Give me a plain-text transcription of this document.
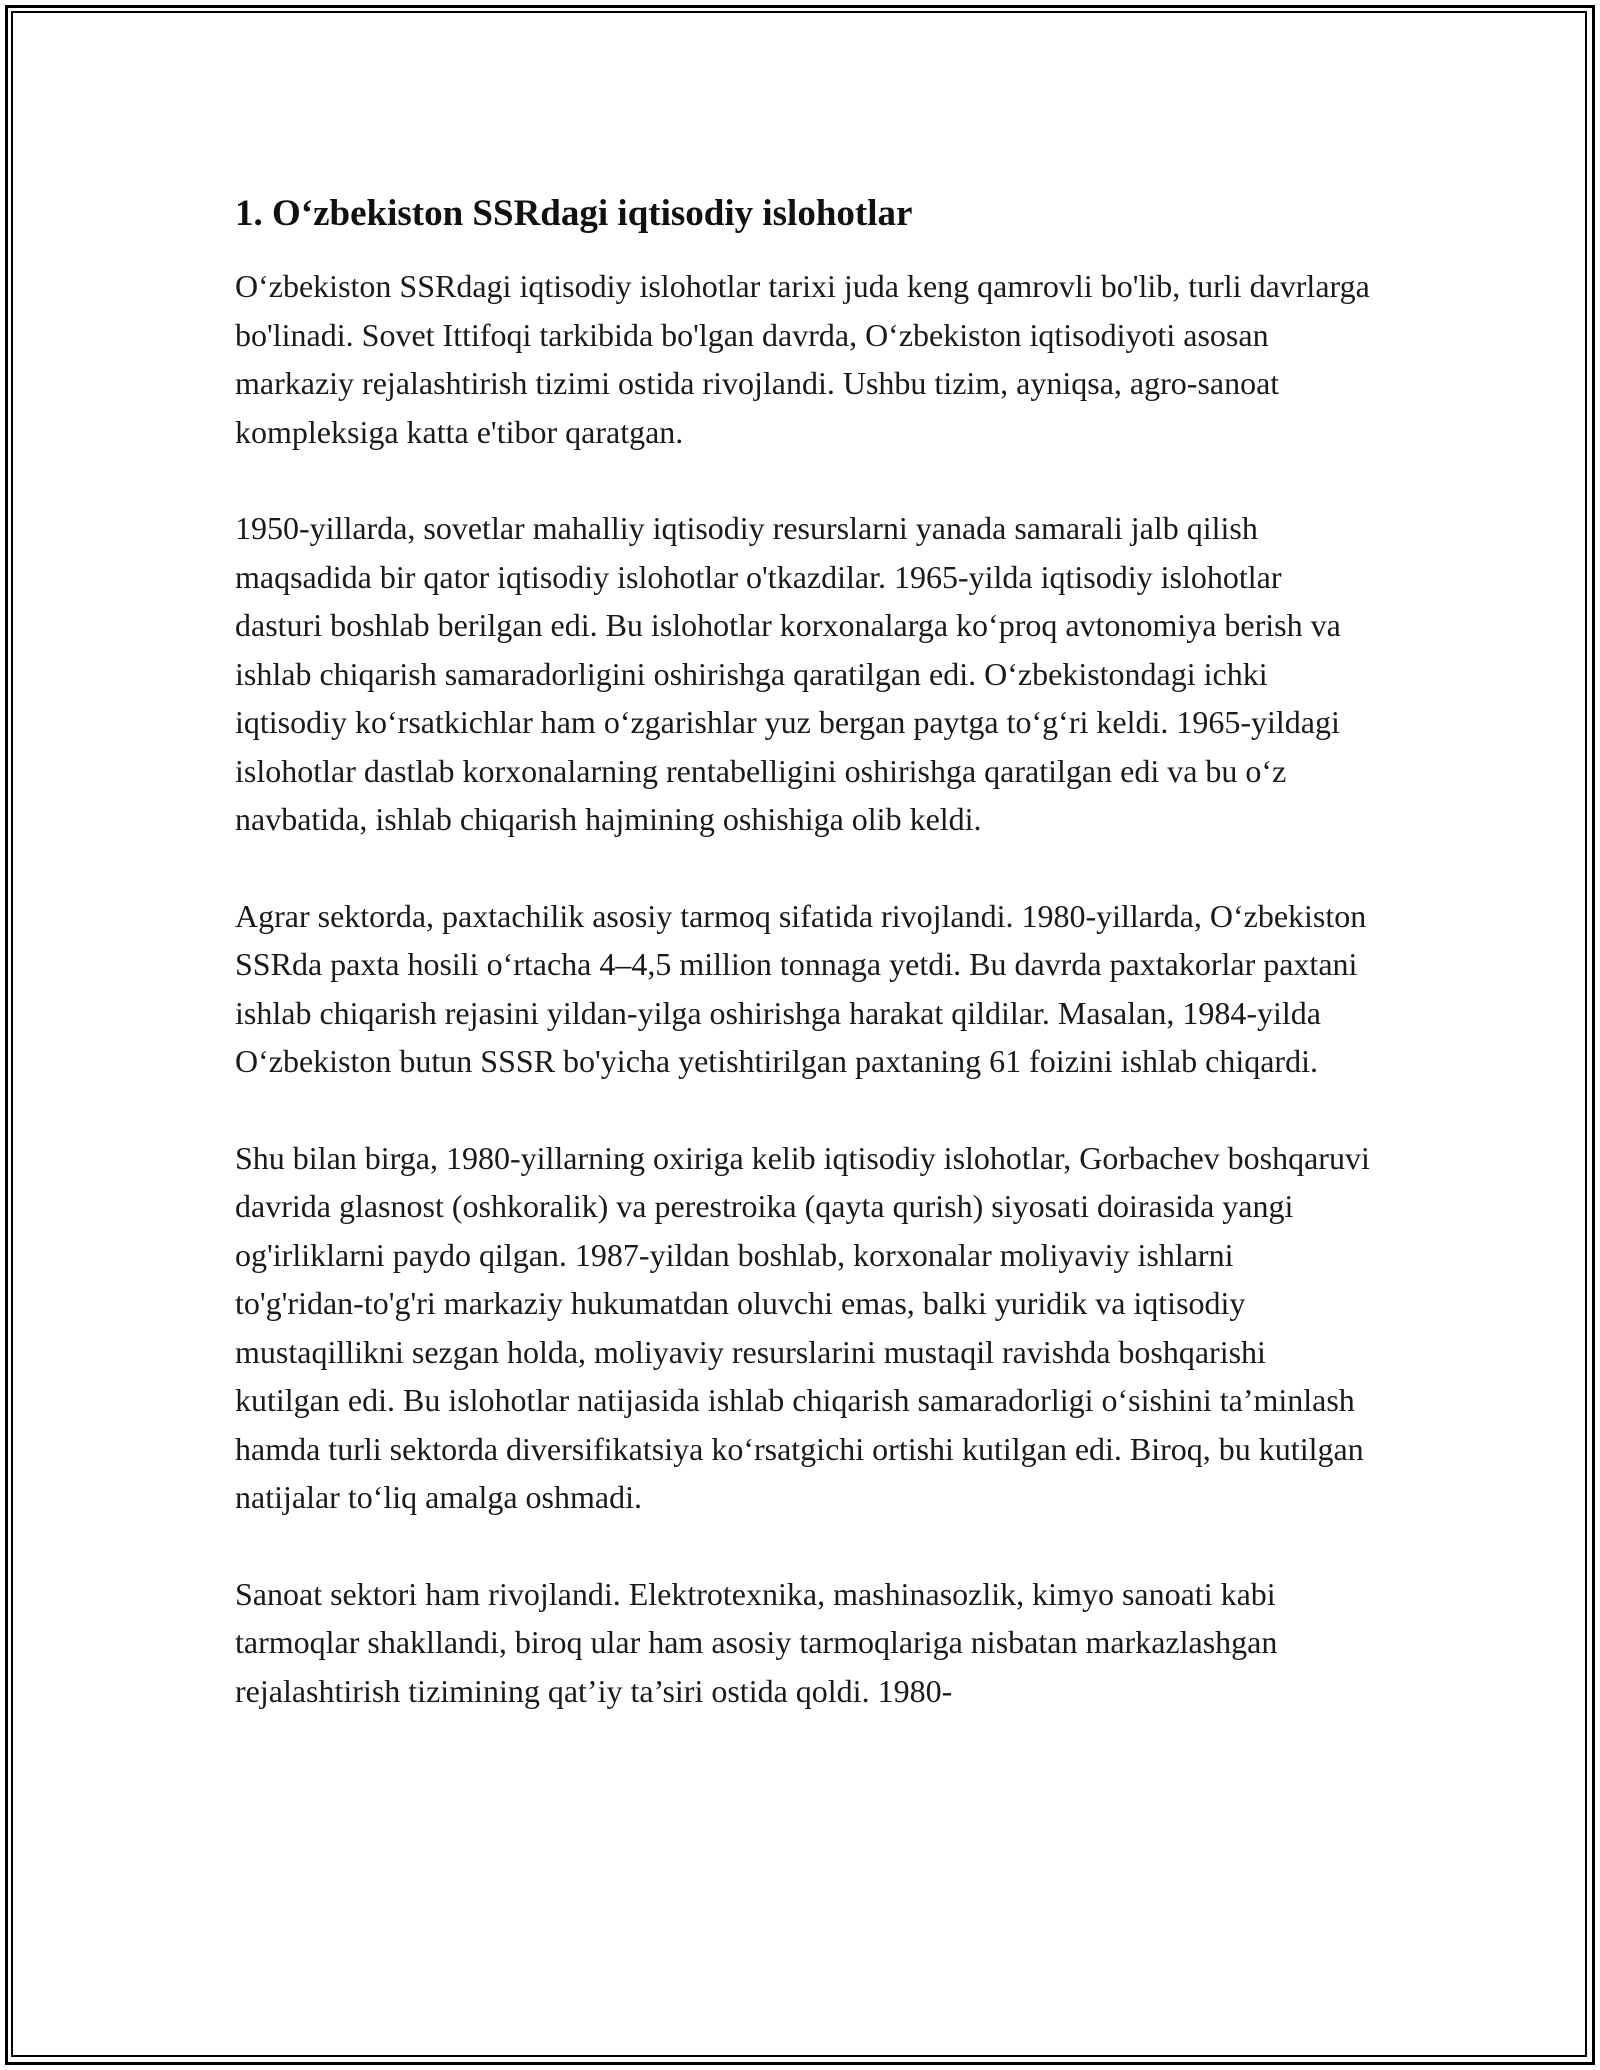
1. O‘zbekiston SSRdagi iqtisodiy islohotlar

O‘zbekiston SSRdagi iqtisodiy islohotlar tarixi juda keng qamrovli bo'lib, turli davrlarga bo'linadi. Sovet Ittifoqi tarkibida bo'lgan davrda, O‘zbekiston iqtisodiyoti asosan markaziy rejalashtirish tizimi ostida rivojlandi. Ushbu tizim, ayniqsa, agro-sanoat kompleksiga katta e'tibor qaratgan.

1950-yillarda, sovetlar mahalliy iqtisodiy resurslarni yanada samarali jalb qilish maqsadida bir qator iqtisodiy islohotlar o'tkazdilar. 1965-yilda iqtisodiy islohotlar dasturi boshlab berilgan edi. Bu islohotlar korxonalarga ko‘proq avtonomiya berish va ishlab chiqarish samaradorligini oshirishga qaratilgan edi. O‘zbekistondagi ichki iqtisodiy ko‘rsatkichlar ham o‘zgarishlar yuz bergan paytga to‘g‘ri keldi. 1965-yildagi islohotlar dastlab korxonalarning rentabelligini oshirishga qaratilgan edi va bu o‘z navbatida, ishlab chiqarish hajmining oshishiga olib keldi.

Agrar sektorda, paxtachilik asosiy tarmoq sifatida rivojlandi. 1980-yillarda, O‘zbekiston SSRda paxta hosili o‘rtacha 4–4,5 million tonnaga yetdi. Bu davrda paxtakorlar paxtani ishlab chiqarish rejasini yildan-yilga oshirishga harakat qildilar. Masalan, 1984-yilda O‘zbekiston butun SSSR bo'yicha yetishtirilgan paxtaning 61 foizini ishlab chiqardi.

Shu bilan birga, 1980-yillarning oxiriga kelib iqtisodiy islohotlar, Gorbachev boshqaruvi davrida glasnost (oshkoralik) va perestroika (qayta qurish) siyosati doirasida yangi og'irliklarni paydo qilgan. 1987-yildan boshlab, korxonalar moliyaviy ishlarni to'g'ridan-to'g'ri markaziy hukumatdan oluvchi emas, balki yuridik va iqtisodiy mustaqillikni sezgan holda, moliyaviy resurslarini mustaqil ravishda boshqarishi kutilgan edi. Bu islohotlar natijasida ishlab chiqarish samaradorligi o‘sishini ta’minlash hamda turli sektorda diversifikatsiya ko‘rsatgichi ortishi kutilgan edi. Biroq, bu kutilgan natijalar to‘liq amalga oshmadi.

Sanoat sektori ham rivojlandi. Elektrotexnika, mashinasozlik, kimyo sanoati kabi tarmoqlar shakllandi, biroq ular ham asosiy tarmoqlariga nisbatan markazlashgan rejalashtirish tizimining qat’iy ta’siri ostida qoldi. 1980-
